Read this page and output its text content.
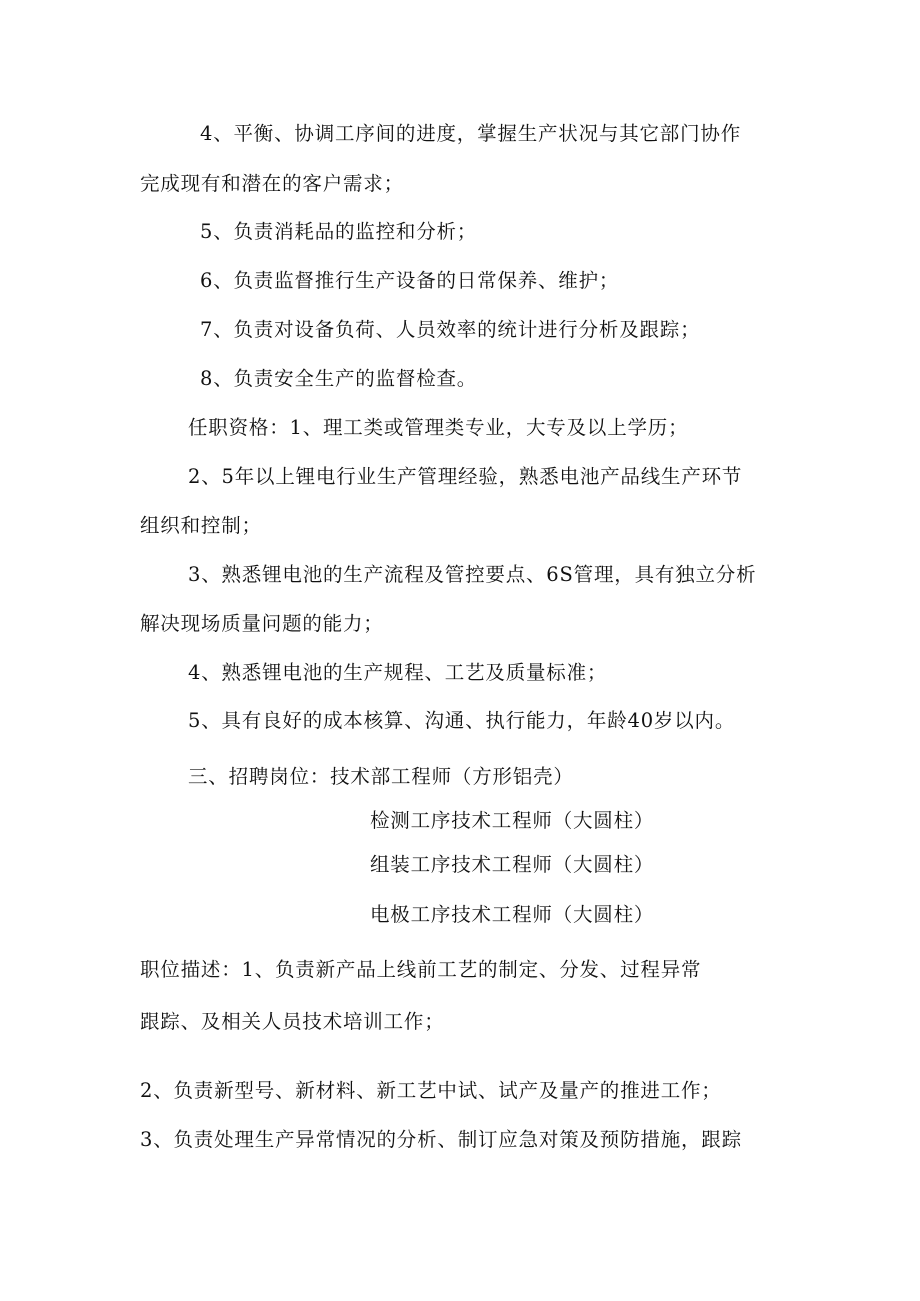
4、平衡、协调工序间的进度，掌握生产状况与其它部门协作
完成现有和潜在的客户需求；
5、负责消耗品的监控和分析；
6、负责监督推行生产设备的日常保养、维护；
7、负责对设备负荷、人员效率的统计进行分析及跟踪；
8、负责安全生产的监督检查。
任职资格：1、理工类或管理类专业，大专及以上学历；
2、5年以上锂电行业生产管理经验，熟悉电池产品线生产环节
组织和控制；
3、熟悉锂电池的生产流程及管控要点、6S管理，具有独立分析
解决现场质量问题的能力；
4、熟悉锂电池的生产规程、工艺及质量标准；
5、具有良好的成本核算、沟通、执行能力，年龄40岁以内。
三、招聘岗位：技术部工程师（方形铝壳）
检测工序技术工程师（大圆柱）
组装工序技术工程师（大圆柱）
电极工序技术工程师（大圆柱）
职位描述：1、负责新产品上线前工艺的制定、分发、过程异常
跟踪、及相关人员技术培训工作；
2、负责新型号、新材料、新工艺中试、试产及量产的推进工作；
3、负责处理生产异常情况的分析、制订应急对策及预防措施，跟踪
